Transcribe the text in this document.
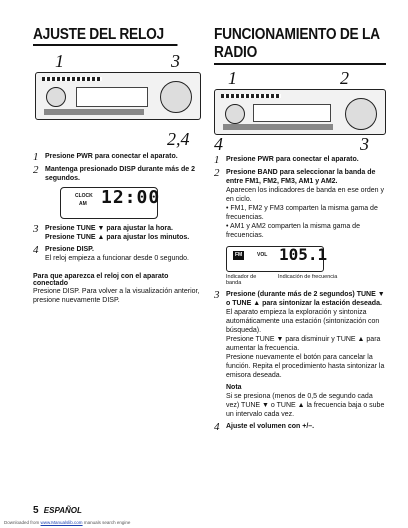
AJUSTE DEL RELOJ
1	3
2,4
1 Presione PWR para conectar el aparato.
2 Mantenga presionado DISP durante más de 2 segundos.
CLOCK
AM 12:00
3 Presione TUNE ▼ para ajustar la hora.
Presione TUNE ▲ para ajustar los minutos.
4 Presione DISP.
El reloj empieza a funcionar desde 0 segundo.
Para que aparezca el reloj con el aparato conectado
Presione DISP. Para volver a la visualización anterior, presione nuevamente DISP.
FUNCIONAMIENTO DE LA
RADIO
1	2
4	3
1 Presione PWR para conectar el aparato.
2 Presione BAND para seleccionar la banda de entre FM1, FM2, FM3, AM1 y AM2.
Aparecen los indicadores de banda en ese orden y en ciclo.
• FM1, FM2 y FM3 comparten la misma gama de frecuencias.
• AM1 y AM2 comparten la misma gama de frecuencias.
FM	VOL 105.1
Indicador de banda
Indicación de frecuencia
3 Presione (durante más de 2 segundos) TUNE ▼ o TUNE ▲ para sintonizar la estación deseada.
El aparato empieza la exploración y sintoniza automáticamente una estación (sintonización con búsqueda).
Presione TUNE ▼ para disminuir y TUNE ▲ para aumentar la frecuencia.
Presione nuevamente el botón para cancelar la función. Repita el procedimiento hasta sintonizar la emisora deseada.
Nota
Si se presiona (menos de 0,5 de segundo cada vez) TUNE ▼ o TUNE ▲ la frecuencia baja o sube un intervalo cada vez.
4 Ajuste el volumen con +/–.
5 ESPAÑOL
Downloaded from www.Manualslib.com manuals search engine
